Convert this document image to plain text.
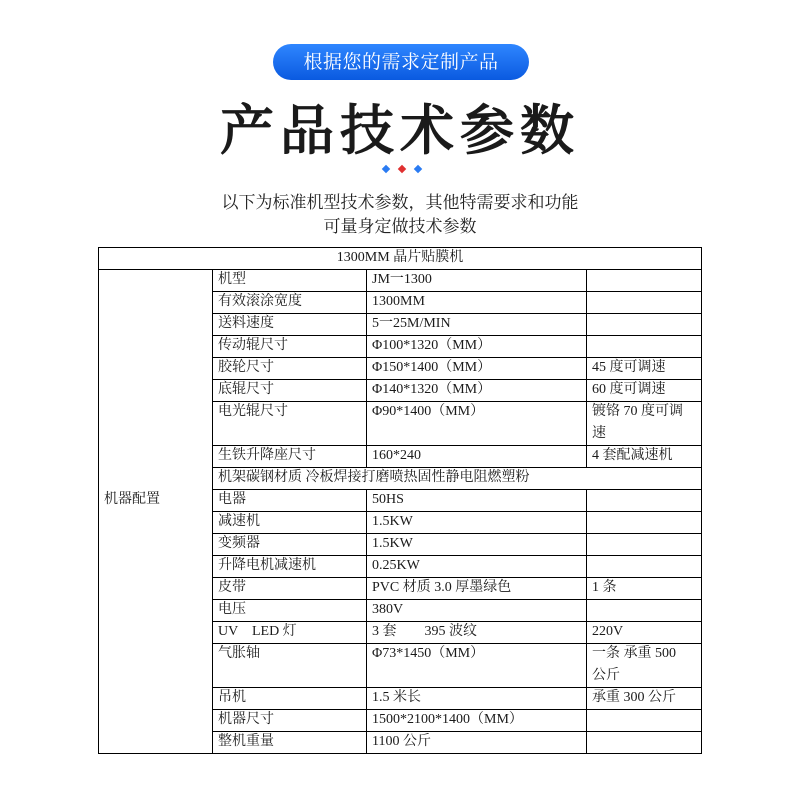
根据您的需求定制产品
产品技术参数
以下为标准机型技术参数，其他特需要求和功能
可量身定做技术参数
1300MM 晶片贴膜机
机型	JM一1300
有效滚涂宽度	1300MM
送料速度	5一25M/MIN
传动辊尺寸	Φ100*1320（MM）
胶轮尺寸	Φ150*1400（MM）	45 度可调速
底辊尺寸	Φ140*1320（MM）	60 度可调速
电光辊尺寸	Φ90*1400（MM）	镀铬 70 度可调
速
生铁升降座尺寸	160*240	4 套配减速机
机架碳钢材质 冷板焊接打磨喷热固性静电阻燃塑粉
电器	50HS
机器配置
减速机	1.5KW
变频器	1.5KW
升降电机减速机	0.25KW
皮带	PVC 材质 3.0 厚墨绿色	1 条
电压	380V
UV　LED 灯	3 套　　395 波纹	220V
气胀轴	Φ73*1450（MM）	一条 承重 500
公斤
吊机	1.5 米长	承重 300 公斤
机器尺寸	1500*2100*1400（MM）
整机重量	1100 公斤
